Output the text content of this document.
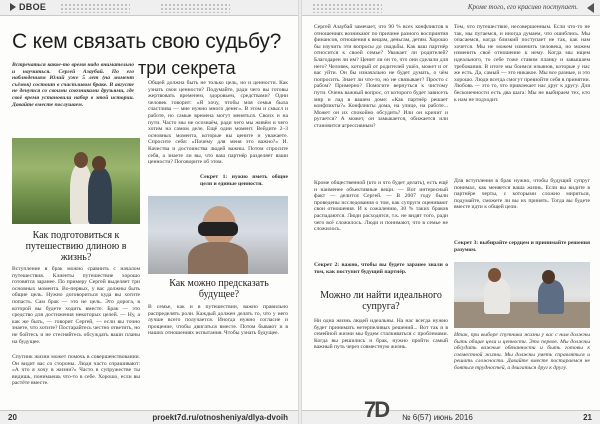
DBOE
С кем связать свою судьбу?
три секрета
Встречаться какое-то время надо внимательно и научиться. Сергей Азаубай. По его наблюдениям Юлий уже 5 лет (на момент съёмок) состоит в счастливом браке. В августе не денутся со своими союзниками друзьями, где своё время установили набор в этой истории. Давайте вместе послушаем.
Как подготовиться к путешествию длиною в жизнь?
Вступление в брак можно сравнить с началом путешествия. Клиенты путешествие хорошо готовятся заранее. По примеру Сергей выделяет три основных момента. Во-первых, у вас должны быть общие цель. Нужно договориться куда вы хотите попасть. Сам брак — это не цель. Это дорога, в которой вы будете ходить вместе. Брак — это средство для достижения некоторых целей. — Ну, а как же быть, — говорит Сергей, — если вы точно знаете, что хотите? Постарайтесь честно ответить, но не бойтесь и не стесняйтесь обсуждать ваши планы на будущее.
Спутник жизни может помочь в совершенствовании. Он видит вас со стороны. Люди часто спрашивают: «А что я хочу в жизни?» Часто в супружестве ты видишь, понимаешь что-то в себе. Хорошо, если вы растёте вместе.
Общей должна быть не только цель, но и ценности. Как узнать свои ценности? Подумайте, ради чего вы готовы жертвовать временем, здоровьем, средствами? Одни человек говорит: «Я хочу, чтобы моя семья была счастлива — мне нужно много денег». В этом и смысл и работе, но самые времена могут меняться. Своих и на пути. Часто мы не осознаём, ради чего мы живём и чего хотим на самом деле. Ещё один момент. Вейдите 2–3 основных момента, которые вы цените и уважаете. Спросите себя: «Почему для меня это важно?» И. Качества и достоинства людей важны. Потом спросите себя, а знаете ли вы, что ваш партнёр разделяет ваши ценности? Поговорите об этом.
Секрет 1: нужно иметь общие цели и единые ценности.
Как можно предсказать будущее?
В семье, как и в путешествии, важно правильно распределять роли. Каждый должен делать то, что у него лучше всего получается. Иногда нужно согласие и прощение, чтобы двигаться вместе. Потом бывают и в наших отношениях испытания. Чтобы узнать будущее.
20	proekt7d.ru/otnosheniya/dlya-dvoih
Кроме того, его красиво поступает.
Сергей Азаубай замечает, что 90 % всех конфликтов в отношениях возникают по причине разного восприятия финансов, отношения к вещам, деньгам, детям. Хорошо бы изучить эти вопросы до свадьбы. Как ваш партнёр относится к своей семье? Уважает ли родителей? Благодарен ли им? Ценит ли он то, что они сделали для него? Человек, который от родителей ушёл, может и от вас уйти. Он бы изначально не будет думать, о чём попросить. Знает ли что-то, но не связывает? Просто с рабом? Примерно? Помогите вернуться к чистому пути. Очень важный вопрос, от которого будет зависеть мир и лад в вашем доме: «Как партнёр решает конфликты?» Конфликты дома, на улице, на работе... Может он их спокойно обсудить? Или он кричит и ругается? А может, он замыкается, обижается или становится агрессивным?
Кроме общественной (кто и что будет делать), есть ещё и наименее объективные вещи. — Вот интересный факт — делится Сергей. — В 2007 году были проведены исследования о том, как супруги оценивают свои отношения. И к сожалению, 30 % таких браков распадаются. Люди расходятся, т.к. не видят того, ради чего всё сложилось. Люди и понимают, что в семье не сложилось.
Секрет 2: важно, чтобы вы будете заранее знали о том, как поступит будущий партнёр.
Можно ли найти идеального супруга?
Ни одна жизнь людей идеальны. На нас всегда нужно будет принимать нетерпеливых решений... Вот так и в семейной жизни мы будем сталкиваться с проблемами. Когда вы решились и брак, нужно пройти самый важный путь через совместную жизнь.
Тем, что путешествие, несовершенным. Если что-то не так, мы пугаемся, и иногда думаем, что ошиблись. Мы опасаемся, когда близкий поступает не так, как нам хочется. Мы не можем изменить человека, но можем изменить своё отношение к нему. Когда мы ищем идеального, то себе тоже ставим планку и завышаем требования. В итоге мы боимся изъянов, которые у нас же есть. Да, самый — это никакое. Мы все разные, и это хорошо. Люди всегда смогут превзойти себя в принятии. Любовь — это то, что привлекает нас друг к другу. Для бесконечности есть два шага: Мы не выбираем тех, кто к нам не подходит.
Для вступления в брак нужно, чтобы будущий супруг понимал, как меняется ваша жизнь. Если вы видите в партнёре черты, с которыми сложно мириться, подумайте, сможете ли вы их принять. Тогда вы будете вместе идти к общей цели.
Секрет 3: выбирайте сердцем и принимайте решения разумом.
Итак, при выборе спутника жизни у вас с ним должны быть общие цели и ценности. Это первое. Мы должны обсудить важные обязанности и быть готовы к совместной жизни. Мы должны уметь справляться и решать сложности. Давайте вместе постараемся не бояться трудностей, а двигаться друг к другу.
7D № 6(57) июнь 2016	21
